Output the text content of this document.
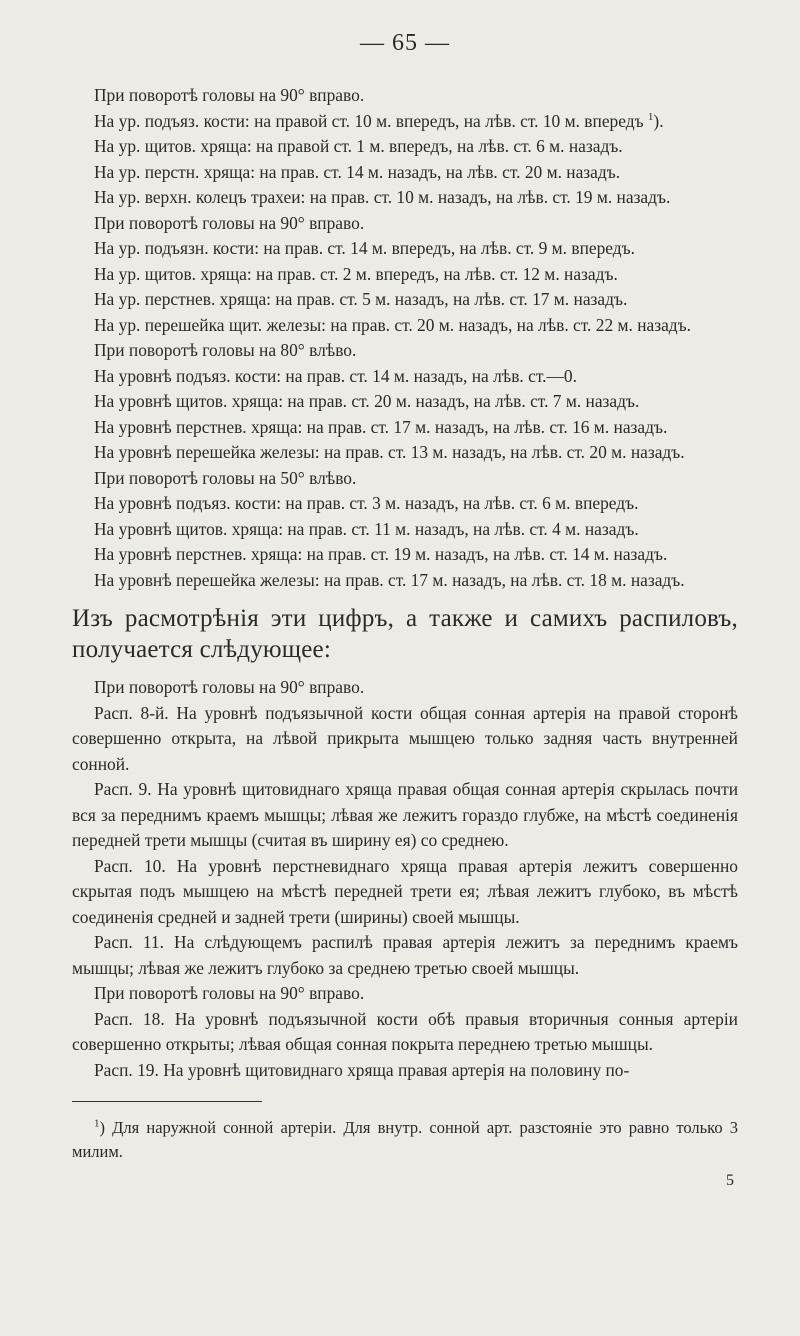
— 65 —

При поворотѣ головы на 90° вправо.

На ур. подъяз. кости: на правой ст. 10 м. впередъ, на лѣв. ст. 10 м. впередъ $^1$).

На ур. щитов. хряща: на правой ст. 1 м. впередъ, на лѣв. ст. 6 м. назадъ.

На ур. перстн. хряща: на прав. ст. 14 м. назадъ, на лѣв. ст. 20 м. назадъ.

На ур. верхн. колецъ трахеи: на прав. ст. 10 м. назадъ, на лѣв. ст. 19 м. назадъ.

При поворотѣ головы на 90° вправо.

На ур. подъязн. кости: на прав. ст. 14 м. впередъ, на лѣв. ст. 9 м. впередъ.

На ур. щитов. хряща: на прав. ст. 2 м. впередъ, на лѣв. ст. 12 м. назадъ.

На ур. перстнев. хряща: на прав. ст. 5 м. назадъ, на лѣв. ст. 17 м. назадъ.

На ур. перешейка щит. железы: на прав. ст. 20 м. назадъ, на лѣв. ст. 22 м. назадъ.

При поворотѣ головы на 80° влѣво.

На уровнѣ подъяз. кости: на прав. ст. 14 м. назадъ, на лѣв. ст.—0.

На уровнѣ щитов. хряща: на прав. ст. 20 м. назадъ, на лѣв. ст. 7 м. назадъ.

На уровнѣ перстнев. хряща: на прав. ст. 17 м. назадъ, на лѣв. ст. 16 м. назадъ.

На уровнѣ перешейка железы: на прав. ст. 13 м. назадъ, на лѣв. ст. 20 м. назадъ.

При поворотѣ головы на 50° влѣво.

На уровнѣ подъяз. кости: на прав. ст. 3 м. назадъ, на лѣв. ст. 6 м. впередъ.

На уровнѣ щитов. хряща: на прав. ст. 11 м. назадъ, на лѣв. ст. 4 м. назадъ.

На уровнѣ перстнев. хряща: на прав. ст. 19 м. назадъ, на лѣв. ст. 14 м. назадъ.

На уровнѣ перешейка железы: на прав. ст. 17 м. назадъ, на лѣв. ст. 18 м. назадъ.

Изъ расмотрѣнія эти цифръ, а также и самихъ распиловъ, получается слѣдующее:

При поворотѣ головы на 90° вправо.

Расп. 8-й. На уровнѣ подъязычной кости общая сонная артерія на правой сторонѣ совершенно открыта, на лѣвой прикрыта мышцею только задняя часть внутренней сонной.

Расп. 9. На уровнѣ щитовиднаго хряща правая общая сонная артерія скрылась почти вся за переднимъ краемъ мышцы; лѣвая же лежитъ гораздо глубже, на мѣстѣ соединенія передней трети мышцы (считая въ ширину ея) со среднею.

Расп. 10. На уровнѣ перстневиднаго хряща правая артерія лежитъ совершенно скрытая подъ мышцею на мѣстѣ передней трети ея; лѣвая лежитъ глубоко, въ мѣстѣ соединенія средней и задней трети (ширины) своей мышцы.

Расп. 11. На слѣдующемъ распилѣ правая артерія лежитъ за переднимъ краемъ мышцы; лѣвая же лежитъ глубоко за среднею третью своей мышцы.

При поворотѣ головы на 90° вправо.

Расп. 18. На уровнѣ подъязычной кости обѣ правыя вторичныя сонныя артеріи совершенно открыты; лѣвая общая сонная покрыта переднею третью мышцы.

Расп. 19. На уровнѣ щитовиднаго хряща правая артерія на половину по-

$^1$) Для наружной сонной артеріи. Для внутр. сонной арт. разстояніе это равно только 3 милим.

5
